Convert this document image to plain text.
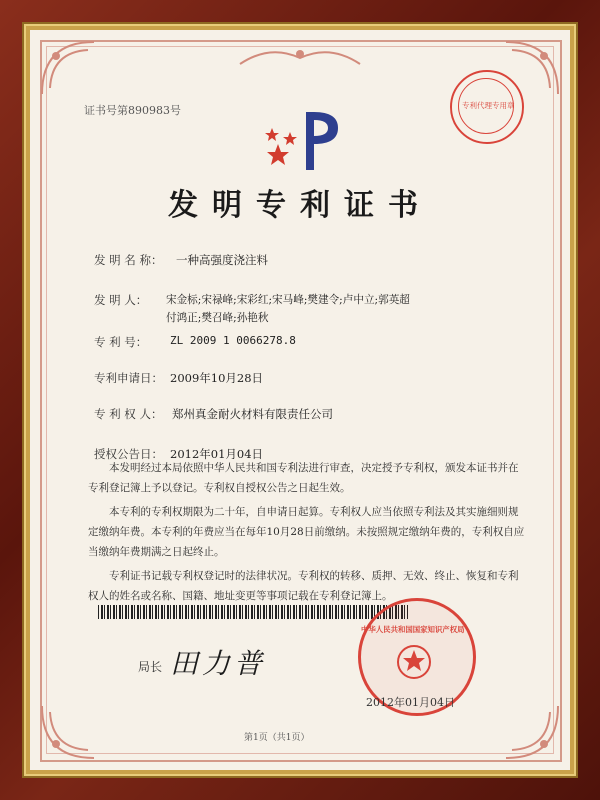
证书号第890983号	专利代理专用章
发明专利证书
发 明 名 称： 一种高强度浇注料
发 明 人： 宋金标;宋禄峰;宋彩红;宋马峰;樊建令;卢中立;郭英超
付鸿正;樊召峰;孙艳秋
专 利 号： ZL 2009 1 0066278.8
专利申请日： 2009年10月28日
专 利 权 人： 郑州真金耐火材料有限责任公司
授权公告日： 2012年01月04日
本发明经过本局依照中华人民共和国专利法进行审查，决定授予专利权，颁发本证书并在专利登记簿上予以登记。专利权自授权公告之日起生效。
本专利的专利权期限为二十年，自申请日起算。专利权人应当依照专利法及其实施细则规定缴纳年费。本专利的年费应当在每年10月28日前缴纳。未按照规定缴纳年费的，专利权自应当缴纳年费期满之日起终止。
专利证书记载专利权登记时的法律状况。专利权的转移、质押、无效、终止、恢复和专利权人的姓名或名称、国籍、地址变更等事项记载在专利登记簿上。
局长 田力普
中华人民共和国国家知识产权局
2012年01月04日
第1页（共1页）
